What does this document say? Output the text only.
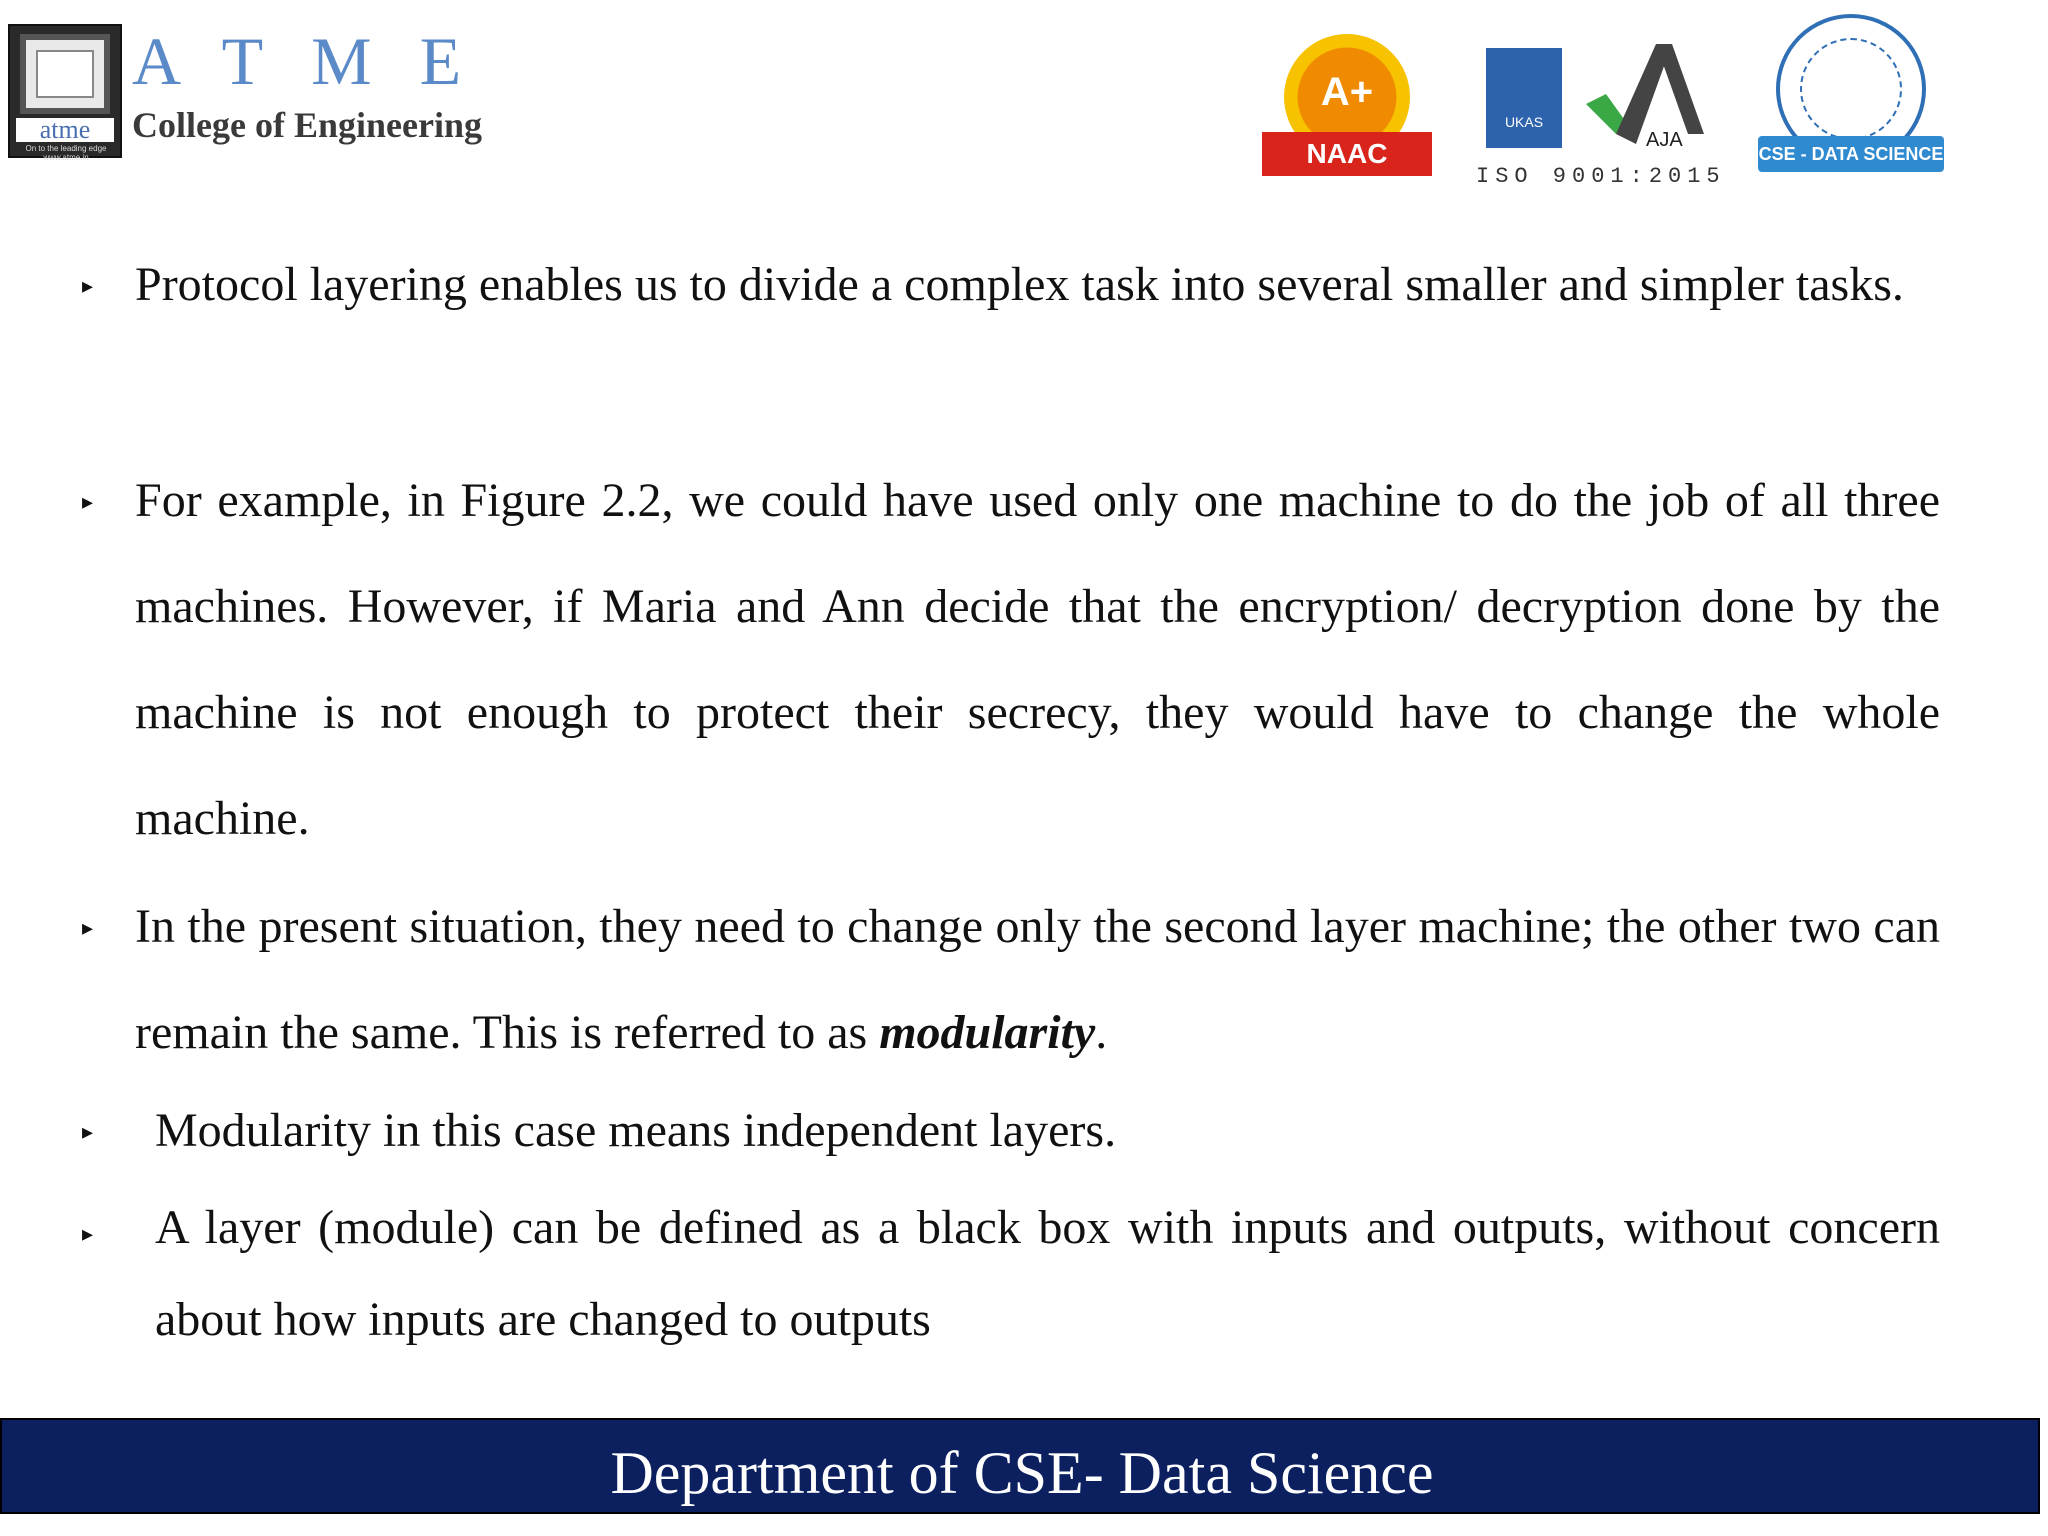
atme
On to the leading edge www.atme.in
ATME
College of Engineering
A+
NAAC
UKAS
AJA
ISO 9001:2015
CSE - DATA SCIENCE
▸ Protocol layering enables us to divide a complex task into several smaller and simpler tasks.
▸ For example, in Figure 2.2, we could have used only one machine to do the job of all three machines. However, if Maria and Ann decide that the encryption/ decryption done by the machine is not enough to protect their secrecy, they would have to change the whole machine.
▸ In the present situation, they need to change only the second layer machine; the other two can remain the same. This is referred to as modularity.
▸ Modularity in this case means independent layers.
▸ A layer (module) can be defined as a black box with inputs and outputs, without concern about how inputs are changed to outputs
Department of CSE- Data Science
